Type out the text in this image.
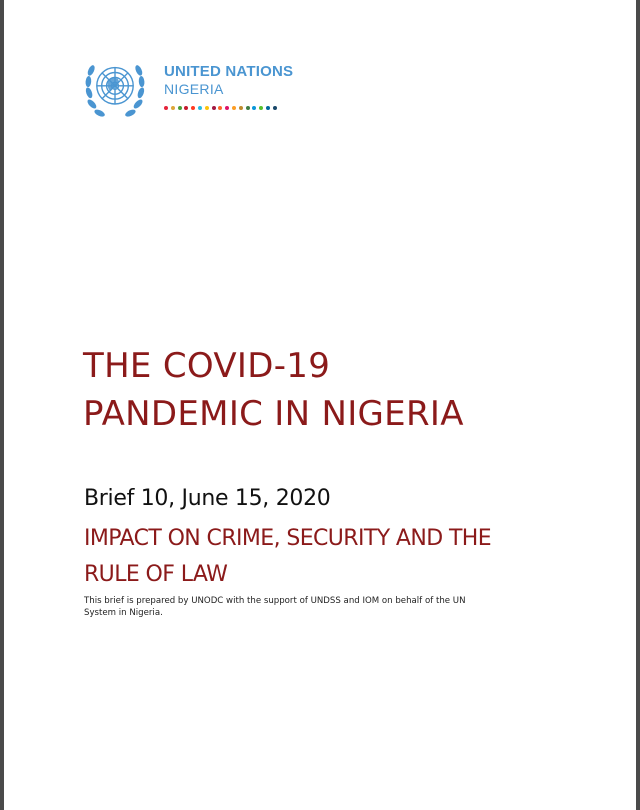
UNITED NATIONS
NIGERIA
THE COVID-19
PANDEMIC IN NIGERIA
Brief 10, June 15, 2020
IMPACT ON CRIME, SECURITY AND THE
RULE OF LAW
This brief is prepared by UNODC with the support of UNDSS and IOM on behalf of the UN
System in Nigeria.
